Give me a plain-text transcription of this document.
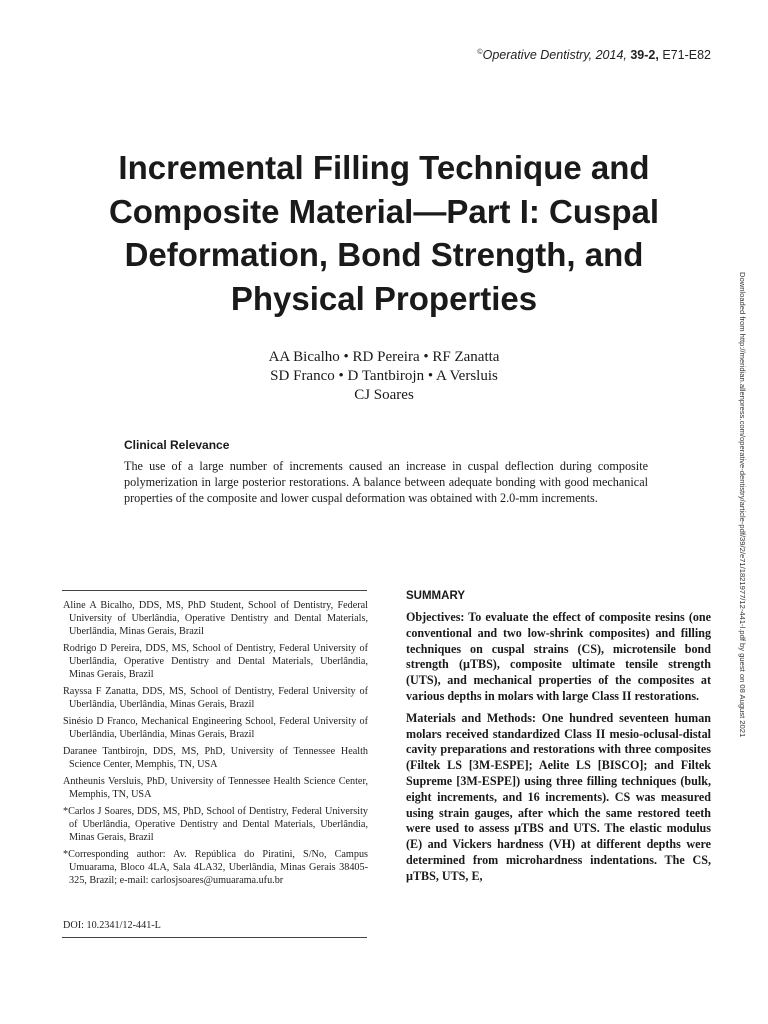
©Operative Dentistry, 2014, 39-2, E71-E82
Incremental Filling Technique and
Composite Material—Part I: Cuspal
Deformation, Bond Strength, and
Physical Properties
AA Bicalho • RD Pereira • RF Zanatta
SD Franco • D Tantbirojn • A Versluis
CJ Soares
Clinical Relevance
The use of a large number of increments caused an increase in cuspal deflection during composite polymerization in large posterior restorations. A balance between adequate bonding with good mechanical properties of the composite and lower cuspal deformation was obtained with 2.0-mm increments.	Downloaded from http://meridian.allenpress.com/operative-dentistry/article-pdf/39/2/e71/1821977/12-441-l.pdf by guest on 08 August 2021
Aline A Bicalho, DDS, MS, PhD Student, School of Dentistry, Federal University of Uberlândia, Operative Dentistry and Dental Materials, Uberlândia, Minas Gerais, Brazil
Rodrigo D Pereira, DDS, MS, School of Dentistry, Federal University of Uberlândia, Operative Dentistry and Dental Materials, Uberlândia, Minas Gerais, Brazil
Rayssa F Zanatta, DDS, MS, School of Dentistry, Federal University of Uberlândia, Uberlândia, Minas Gerais, Brazil
Sinésio D Franco, Mechanical Engineering School, Federal University of Uberlândia, Uberlândia, Minas Gerais, Brazil
Daranee Tantbirojn, DDS, MS, PhD, University of Tennessee Health Science Center, Memphis, TN, USA
Antheunis Versluis, PhD, University of Tennessee Health Science Center, Memphis, TN, USA
*Carlos J Soares, DDS, MS, PhD, School of Dentistry, Federal University of Uberlândia, Operative Dentistry and Dental Materials, Uberlândia, Minas Gerais, Brazil
*Corresponding author: Av. República do Piratini, S/No, Campus Umuarama, Bloco 4LA, Sala 4LA32, Uberlândia, Minas Gerais 38405-325, Brazil; e-mail: carlosjsoares@umuarama.ufu.br
DOI: 10.2341/12-441-L
SUMMARY

Objectives: To evaluate the effect of composite resins (one conventional and two low-shrink composites) and filling techniques on cuspal strains (CS), microtensile bond strength (µTBS), composite ultimate tensile strength (UTS), and mechanical properties of the composites at various depths in molars with large Class II restorations.

Materials and Methods: One hundred seventeen human molars received standardized Class II mesio-oclusal-distal cavity preparations and restorations with three composites (Filtek LS [3M-ESPE]; Aelite LS [BISCO]; and Filtek Supreme [3M-ESPE]) using three filling techniques (bulk, eight increments, and 16 increments). CS was measured using strain gauges, after which the same restored teeth were used to assess µTBS and UTS. The elastic modulus (E) and Vickers hardness (VH) at different depths were determined from microhardness indentations. The CS, µTBS, UTS, E,
